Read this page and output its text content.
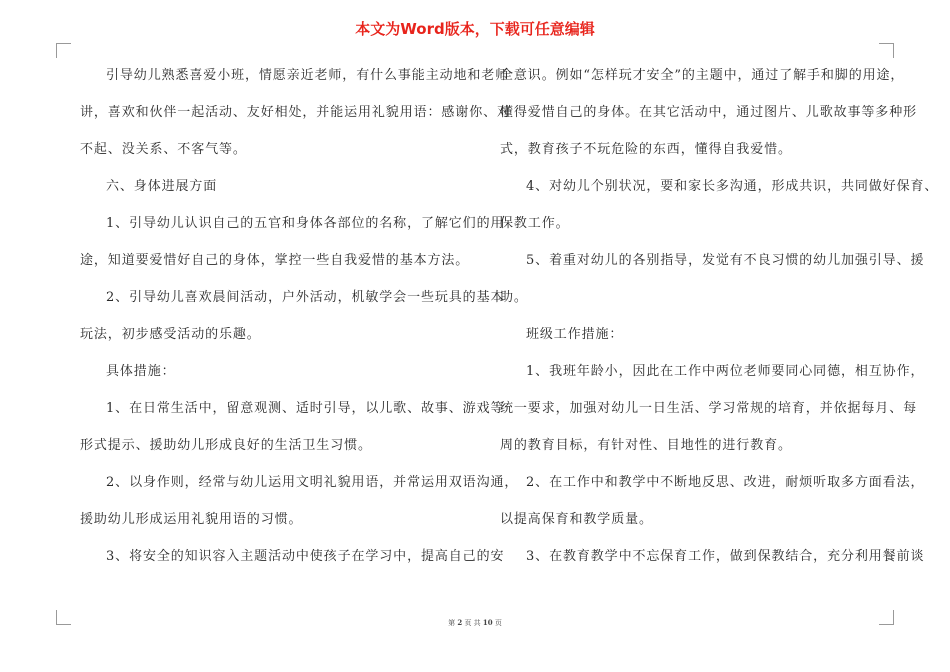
本文为Word版本，下载可任意编辑
引导幼儿熟悉喜爱小班，情愿亲近老师，有什么事能主动地和老师
讲，喜欢和伙伴一起活动、友好相处，并能运用礼貌用语：感谢你、对
不起、没关系、不客气等。
六、身体进展方面
1、引导幼儿认识自己的五官和身体各部位的名称，了解它们的用
途，知道要爱惜好自己的身体，掌控一些自我爱惜的基本方法。
2、引导幼儿喜欢晨间活动，户外活动，机敏学会一些玩具的基本
玩法，初步感受活动的乐趣。
具体措施：
1、在日常生活中，留意观测、适时引导，以儿歌、故事、游戏等
形式提示、援助幼儿形成良好的生活卫生习惯。
2、以身作则，经常与幼儿运用文明礼貌用语，并常运用双语沟通，
援助幼儿形成运用礼貌用语的习惯。
3、将安全的知识容入主题活动中使孩子在学习中，提高自己的安
全意识。例如“怎样玩才安全”的主题中，通过了解手和脚的用途，
懂得爱惜自己的身体。在其它活动中，通过图片、儿歌故事等多种形
式，教育孩子不玩危险的东西，懂得自我爱惜。
4、对幼儿个别状况，要和家长多沟通，形成共识，共同做好保育、
保教工作。
5、着重对幼儿的各别指导，发觉有不良习惯的幼儿加强引导、援
助。
班级工作措施：
1、我班年龄小，因此在工作中两位老师要同心同德，相互协作，
统一要求，加强对幼儿一日生活、学习常规的培育，并依据每月、每
周的教育目标，有针对性、目地性的进行教育。
2、在工作中和教学中不断地反思、改进，耐烦听取多方面看法，
以提高保育和教学质量。
3、在教育教学中不忘保育工作，做到保教结合，充分利用餐前谈
第 2 页 共 10 页
